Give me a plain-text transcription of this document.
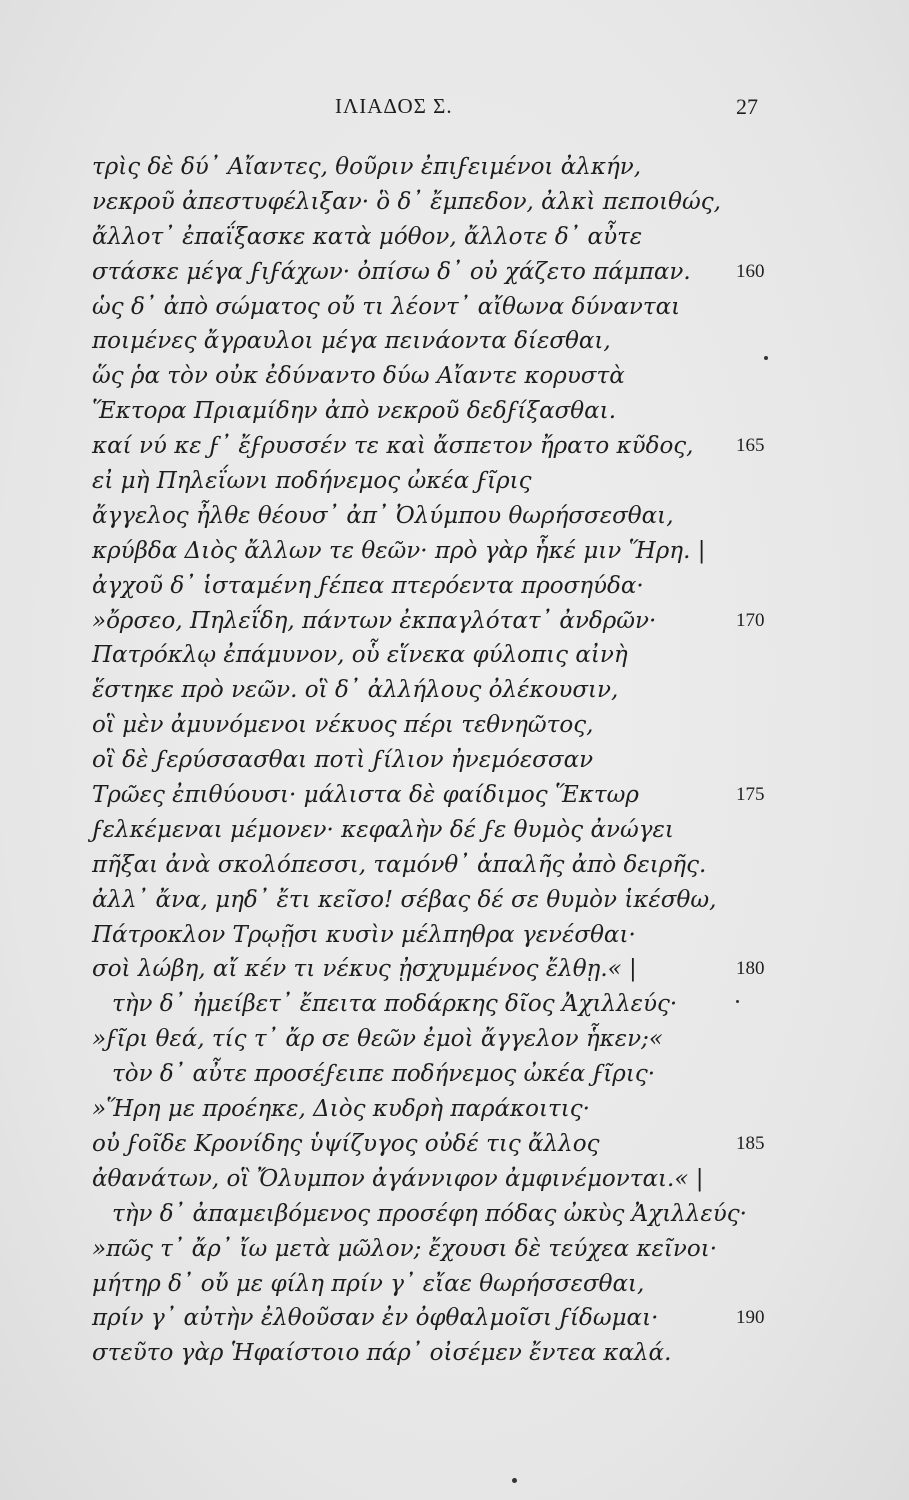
ΙΛΙΑΔΟΣ Σ.	27
τρὶς δὲ δύ᾽ Αἴαντες, θοῦριν ἐπιϝειμένοι ἀλκήν,
νεκροῦ ἀπεστυφέλιξαν· ὃ δ᾽ ἔμπεδον, ἀλκὶ πεποιθώς,
ἄλλοτ᾽ ἐπαΐξασκε κατὰ μόθον, ἄλλοτε δ᾽ αὖτε
στάσκε μέγα ϝιϝάχων· ὀπίσω δ᾽ οὐ χάζετο πάμπαν. 160
ὡς δ᾽ ἀπὸ σώματος οὔ τι λέοντ᾽ αἴθωνα δύνανται
ποιμένες ἄγραυλοι μέγα πεινάοντα δίεσθαι,
ὥς ῥα τὸν οὐκ ἐδύναντο δύω Αἴαντε κορυστὰ
Ἕκτορα Πριαμίδην ἀπὸ νεκροῦ δεδϝίξασθαι.
καί νύ κε ϝ᾽ ἔϝρυσσέν τε καὶ ἄσπετον ἤρατο κῦδος, 165
εἰ μὴ Πηλεΐωνι ποδήνεμος ὠκέα ϝῖρις
ἄγγελος ἦλθε θέουσ᾽ ἀπ᾽ Ὀλύμπου θωρήσσεσθαι,
κρύβδα Διὸς ἄλλων τε θεῶν· πρὸ γὰρ ἧκέ μιν Ἥρη. |
ἀγχοῦ δ᾽ ἱσταμένη ϝέπεα πτερόεντα προσηύδα·
»ὄρσεο, Πηλεΐδη, πάντων ἐκπαγλότατ᾽ ἀνδρῶν·	170
Πατρόκλῳ ἐπάμυνον, οὗ εἵνεκα φύλοπις αἰνὴ
ἕστηκε πρὸ νεῶν. οἳ δ᾽ ἀλλήλους ὀλέκουσιν,
οἳ μὲν ἀμυνόμενοι νέκυος πέρι τεθνηῶτος,
οἳ δὲ ϝερύσσασθαι ποτὶ ϝίλιον ἠνεμόεσσαν
Τρῶες ἐπιθύουσι· μάλιστα δὲ φαίδιμος Ἕκτωρ	175
ϝελκέμεναι μέμονεν· κεφαλὴν δέ ϝε θυμὸς ἀνώγει
πῆξαι ἀνὰ σκολόπεσσι, ταμόνθ᾽ ἁπαλῆς ἀπὸ δειρῆς.
ἀλλ᾽ ἄνα, μηδ᾽ ἔτι κεῖσο! σέβας δέ σε θυμὸν ἱκέσθω,
Πάτροκλον Τρῳῇσι κυσὶν μέλπηθρα γενέσθαι·
σοὶ λώβη, αἴ κέν τι νέκυς ᾐσχυμμένος ἔλθῃ.« |	180
τὴν δ᾽ ἠμείβετ᾽ ἔπειτα ποδάρκης δῖος Ἀχιλλεύς·
»ϝῖρι θεά, τίς τ᾽ ἄρ σε θεῶν ἐμοὶ ἄγγελον ἧκεν;«
τὸν δ᾽ αὖτε προσέϝειπε ποδήνεμος ὠκέα ϝῖρις·
»Ἥρη με προέηκε, Διὸς κυδρὴ παράκοιτις·
οὐ ϝοῖδε Κρονίδης ὑψίζυγος οὐδέ τις ἄλλος	185
ἀθανάτων, οἳ Ὄλυμπον ἀγάννιφον ἀμφινέμονται.« |
τὴν δ᾽ ἀπαμειβόμενος προσέφη πόδας ὠκὺς Ἀχιλλεύς·
»πῶς τ᾽ ἄρ᾽ ἴω μετὰ μῶλον; ἔχουσι δὲ τεύχεα κεῖνοι·
μήτηρ δ᾽ οὔ με φίλη πρίν γ᾽ εἴαε θωρήσσεσθαι,
πρίν γ᾽ αὐτὴν ἐλθοῦσαν ἐν ὀφθαλμοῖσι ϝίδωμαι·	190
στεῦτο γὰρ Ἡφαίστοιο πάρ᾽ οἰσέμεν ἔντεα καλά.
